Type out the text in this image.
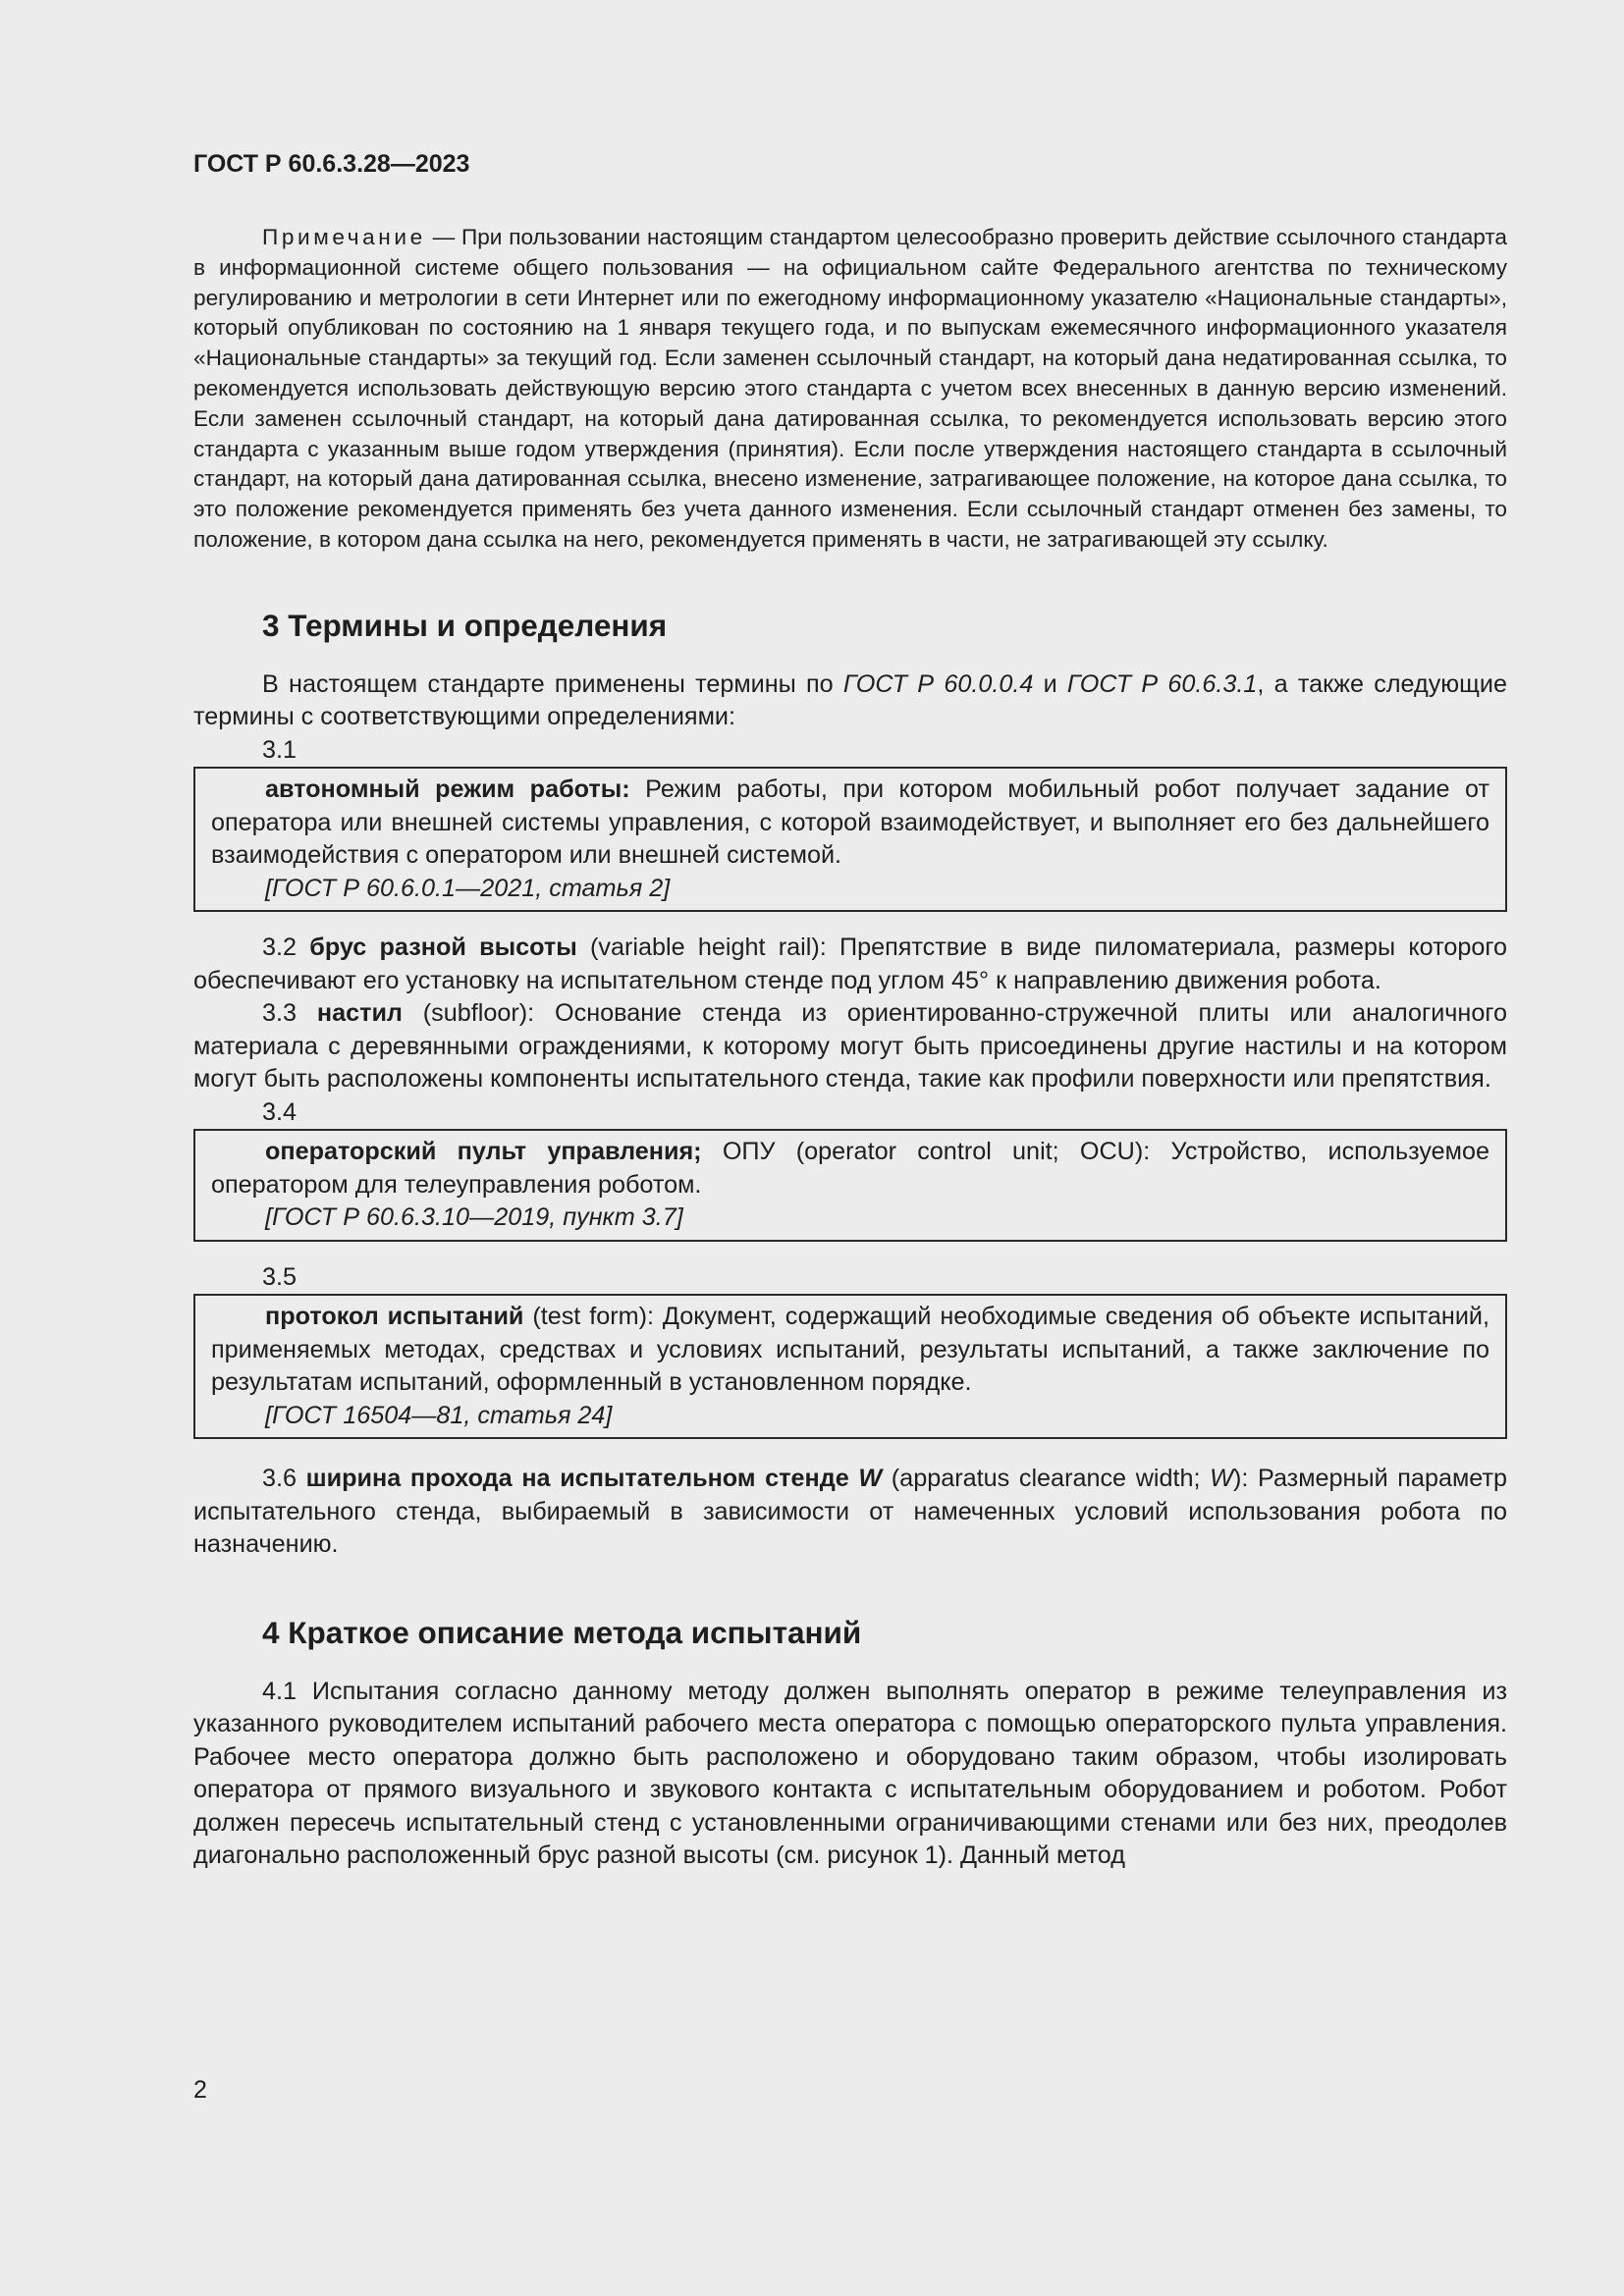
ГОСТ Р 60.6.3.28—2023

Примечание — При пользовании настоящим стандартом целесообразно проверить действие ссылочного стандарта в информационной системе общего пользования — на официальном сайте Федерального агентства по техническому регулированию и метрологии в сети Интернет или по ежегодному информационному указателю «Национальные стандарты», который опубликован по состоянию на 1 января текущего года, и по выпускам ежемесячного информационного указателя «Национальные стандарты» за текущий год. Если заменен ссылочный стандарт, на который дана недатированная ссылка, то рекомендуется использовать действующую версию этого стандарта с учетом всех внесенных в данную версию изменений. Если заменен ссылочный стандарт, на который дана датированная ссылка, то рекомендуется использовать версию этого стандарта с указанным выше годом утверждения (принятия). Если после утверждения настоящего стандарта в ссылочный стандарт, на который дана датированная ссылка, внесено изменение, затрагивающее положение, на которое дана ссылка, то это положение рекомендуется применять без учета данного изменения. Если ссылочный стандарт отменен без замены, то положение, в котором дана ссылка на него, рекомендуется применять в части, не затрагивающей эту ссылку.

3 Термины и определения

В настоящем стандарте применены термины по ГОСТ Р 60.0.0.4 и ГОСТ Р 60.6.3.1, а также следующие термины с соответствующими определениями:

3.1

автономный режим работы: Режим работы, при котором мобильный робот получает задание от оператора или внешней системы управления, с которой взаимодействует, и выполняет его без дальнейшего взаимодействия с оператором или внешней системой.

[ГОСТ Р 60.6.0.1—2021, статья 2]

3.2 брус разной высоты (variable height rail): Препятствие в виде пиломатериала, размеры которого обеспечивают его установку на испытательном стенде под углом 45° к направлению движения робота.

3.3 настил (subfloor): Основание стенда из ориентированно-стружечной плиты или аналогичного материала с деревянными ограждениями, к которому могут быть присоединены другие настилы и на котором могут быть расположены компоненты испытательного стенда, такие как профили поверхности или препятствия.

3.4

операторский пульт управления; ОПУ (operator control unit; OCU): Устройство, используемое оператором для телеуправления роботом.

[ГОСТ Р 60.6.3.10—2019, пункт 3.7]
3.5

протокол испытаний (test form): Документ, содержащий необходимые сведения об объекте испытаний, применяемых методах, средствах и условиях испытаний, результаты испытаний, а также заключение по результатам испытаний, оформленный в установленном порядке.

[ГОСТ 16504—81, статья 24]

3.6 ширина прохода на испытательном стенде W (apparatus clearance width; W): Размерный параметр испытательного стенда, выбираемый в зависимости от намеченных условий использования робота по назначению.

4 Краткое описание метода испытаний

4.1 Испытания согласно данному методу должен выполнять оператор в режиме телеуправления из указанного руководителем испытаний рабочего места оператора с помощью операторского пульта управления. Рабочее место оператора должно быть расположено и оборудовано таким образом, чтобы изолировать оператора от прямого визуального и звукового контакта с испытательным оборудованием и роботом. Робот должен пересечь испытательный стенд с установленными ограничивающими стенами или без них, преодолев диагонально расположенный брус разной высоты (см. рисунок 1). Данный метод

2
